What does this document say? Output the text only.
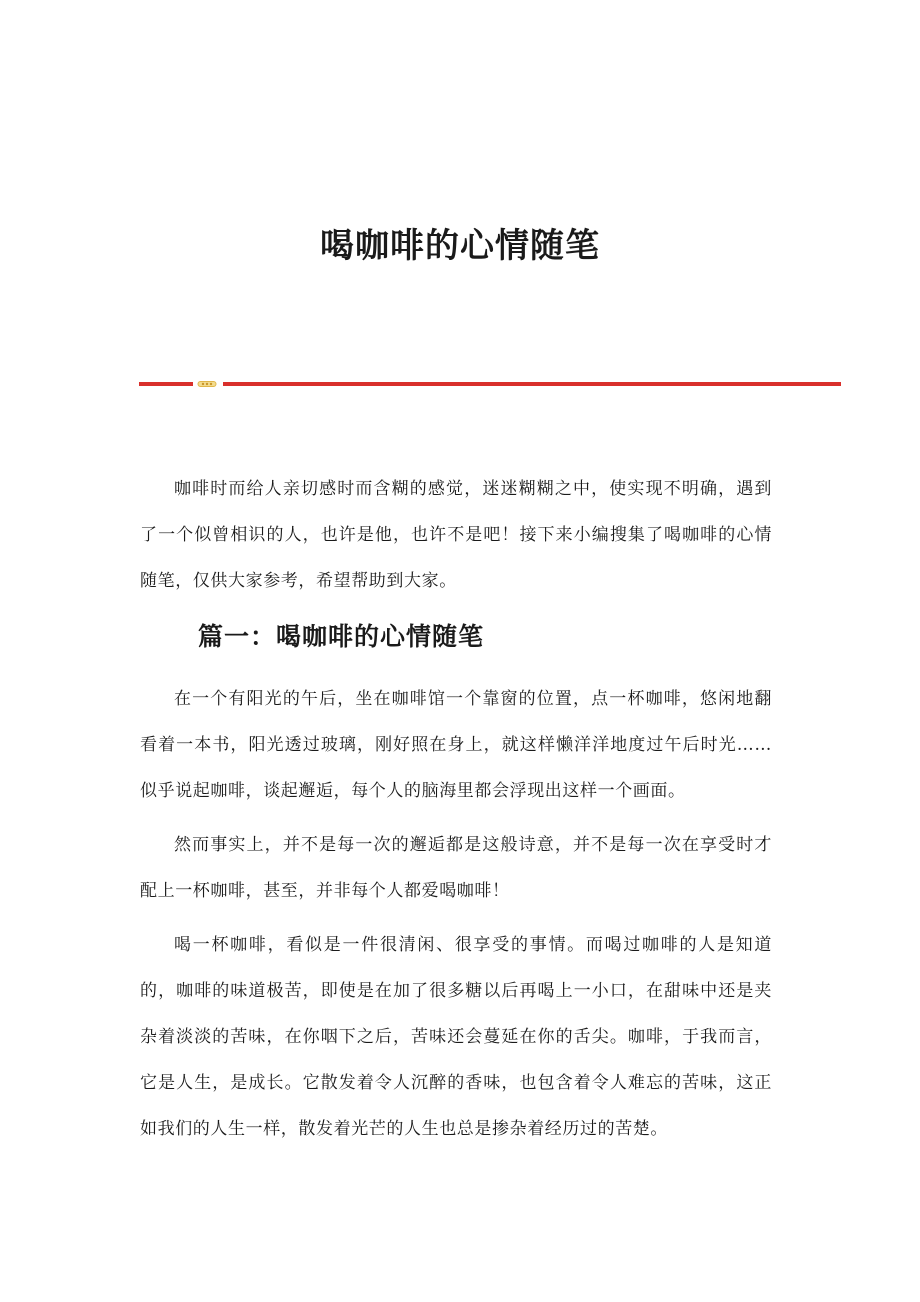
喝咖啡的心情随笔

咖啡时而给人亲切感时而含糊的感觉，迷迷糊糊之中，使实现不明确，遇到了一个似曾相识的人，也许是他，也许不是吧！接下来小编搜集了喝咖啡的心情随笔，仅供大家参考，希望帮助到大家。

篇一：喝咖啡的心情随笔

在一个有阳光的午后，坐在咖啡馆一个靠窗的位置，点一杯咖啡，悠闲地翻看着一本书，阳光透过玻璃，刚好照在身上，就这样懒洋洋地度过午后时光……似乎说起咖啡，谈起邂逅，每个人的脑海里都会浮现出这样一个画面。

然而事实上，并不是每一次的邂逅都是这般诗意，并不是每一次在享受时才配上一杯咖啡，甚至，并非每个人都爱喝咖啡！

喝一杯咖啡，看似是一件很清闲、很享受的事情。而喝过咖啡的人是知道的，咖啡的味道极苦，即使是在加了很多糖以后再喝上一小口，在甜味中还是夹杂着淡淡的苦味，在你咽下之后，苦味还会蔓延在你的舌尖。咖啡，于我而言，它是人生，是成长。它散发着令人沉醉的香味，也包含着令人难忘的苦味，这正如我们的人生一样，散发着光芒的人生也总是掺杂着经历过的苦楚。
